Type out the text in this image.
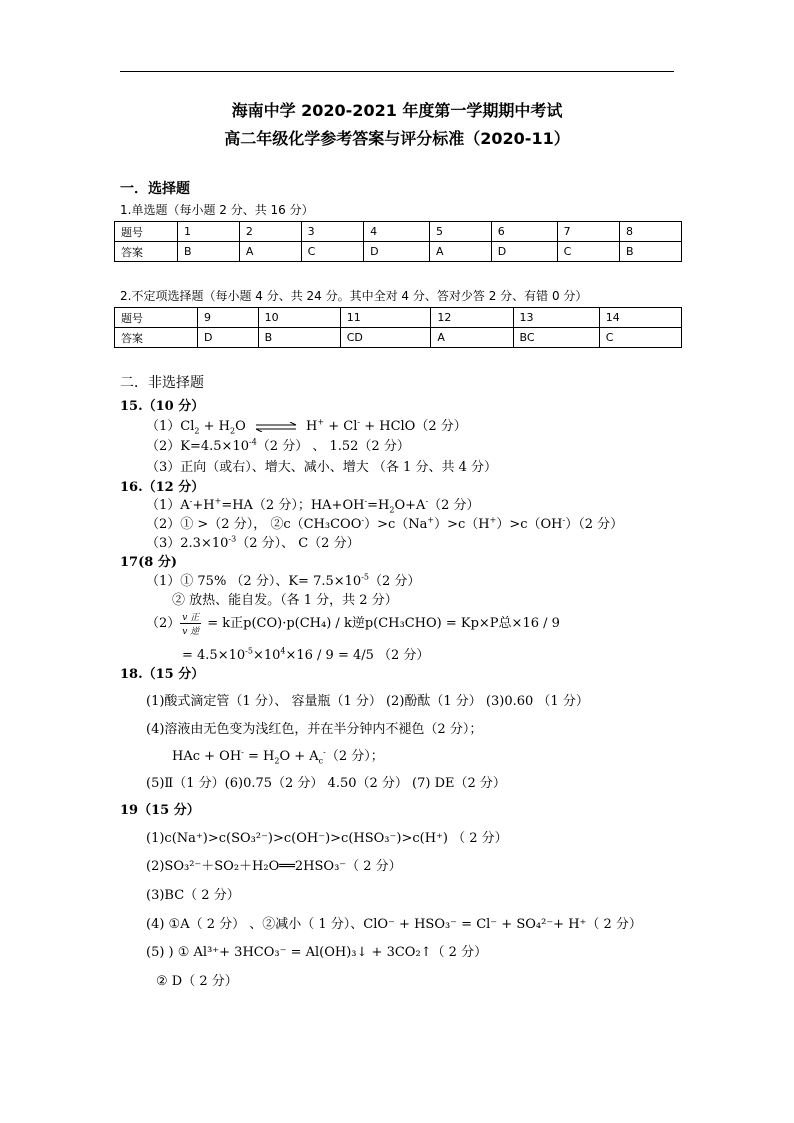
海南中学 2020-2021 年度第一学期期中考试
高二年级化学参考答案与评分标准（2020-11）
一．选择题
1.单选题（每小题 2 分、共 16 分）
题号	1	2	3	4	5	6	7	8
答案	B	A	C	D	A	D	C	B
2.不定项选择题（每小题 4 分、共 24 分。其中全对 4 分、答对少答 2 分、有错 0 分）
题号	9	10	11	12	13	14
答案	D	B	CD	A	BC	C
二．非选择题
15.（10 分）
$(1)Cl_2 + H_2O$ ⇌ H+ + Cl- + HClO（2 分）
$(2)K=4.5\times 10^{-4}(2$ 分） 、 1.52（2 分）
（3）正向（或右）、增大、减小、增大 （各 1 分、共 4 分）
16.（12 分）
（1）A-+H+=HA（2 分）；$HA+OH^-=H_2O+A^-(2$ 分）
（2）① >（2 分）， ②c（CH₃COO-）>c（Na+）>c（H+）>c（OH-）（2 分）
$(3)2.3\times 10^{-3}(2$ 分）、 C（2 分）
17(8 分)
（1）① 75% （2 分）、$K= 7.5\times 10^{-5}(2$ 分）
② 放热、能自发。（各 1 分，共 2 分）
$(2) \frac{\text{v 正}}{\text{v 逆}} = k$正p(CO)·p(CH₄) / k逆p(CH₃CHO) = Kp×P总×16 / 9
= $4.5\times 10^{-5}\times 10^4\times 16 / 9 = 4/5$ （2 分）
18.（15 分）
(1)酸式滴定管（1 分）、 容量瓶（1 分） (2)酚酞（1 分） (3)0.60 （1 分）
(4)溶液由无色变为浅红色，并在半分钟内不褪色（2 分）；
HAc + $OH^- = H_2O + A_c^-(2$ 分）；
(5)Ⅱ（1 分）(6)0.75（2 分） 4.50（2 分） (7) DE（2 分）
19（15 分）
(1)c(Na⁺)>c(SO₃²⁻)>c(OH⁻)>c(HSO₃⁻)>c(H⁺) （ 2 分）
(2)SO₃²⁻＋SO₂＋H₂O══2HSO₃⁻（ 2 分）
(3)BC（ 2 分）
(4) ①A（ 2 分） 、②减小（ 1 分）、ClO⁻ + HSO₃⁻ = Cl⁻ + SO₄²⁻+ H⁺（ 2 分）
(5) ) ① Al³⁺+ 3HCO₃⁻ = Al(OH)₃↓ + 3CO₂↑（ 2 分）
② D（ 2 分）
